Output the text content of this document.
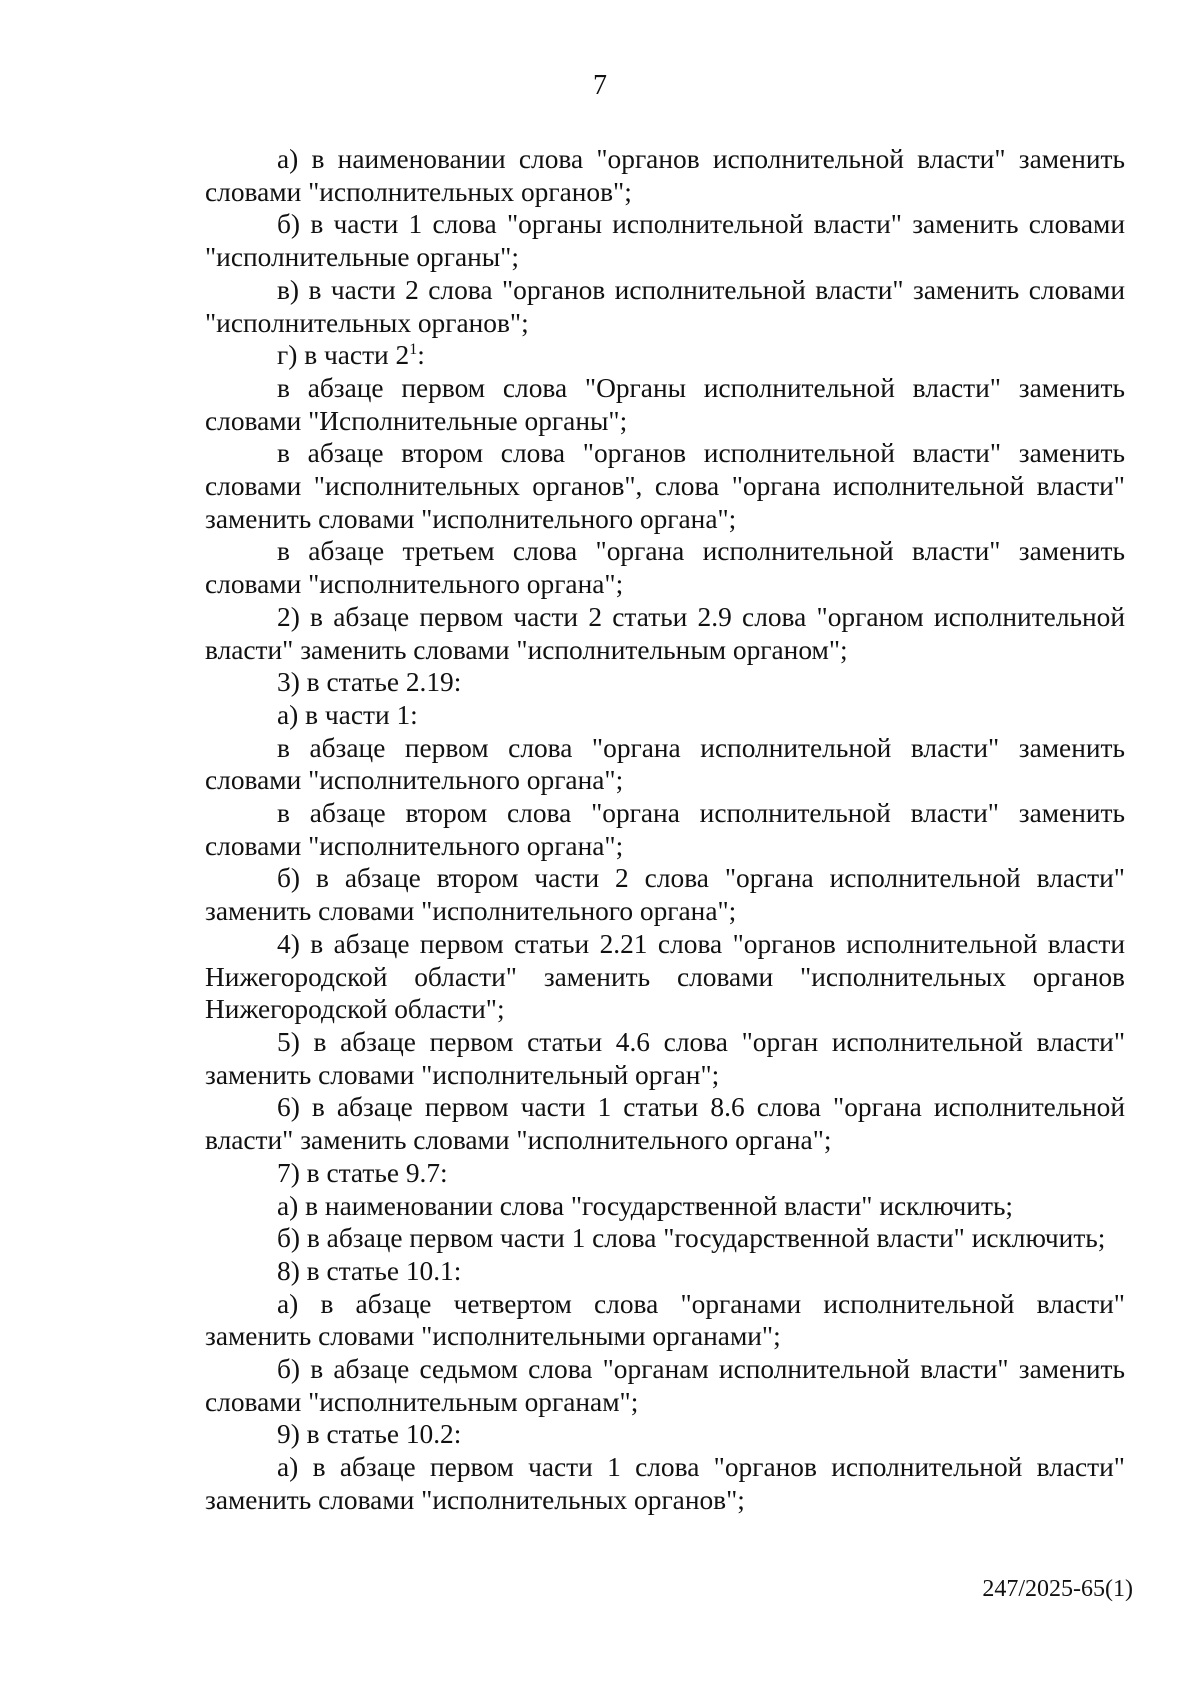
7

а) в наименовании слова "органов исполнительной власти" заменить словами "исполнительных органов";

б) в части 1 слова "органы исполнительной власти" заменить словами "исполнительные органы";

в) в части 2 слова "органов исполнительной власти" заменить словами "исполнительных органов";

г) в части $2^1$:

в абзаце первом слова "Органы исполнительной власти" заменить словами "Исполнительные органы";

в абзаце втором слова "органов исполнительной власти" заменить словами "исполнительных органов", слова "органа исполнительной власти" заменить словами "исполнительного органа";

в абзаце третьем слова "органа исполнительной власти" заменить словами "исполнительного органа";

2) в абзаце первом части 2 статьи 2.9 слова "органом исполнительной власти" заменить словами "исполнительным органом";

3) в статье 2.19:

а) в части 1:

в абзаце первом слова "органа исполнительной власти" заменить словами "исполнительного органа";

в абзаце втором слова "органа исполнительной власти" заменить словами "исполнительного органа";

б) в абзаце втором части 2 слова "органа исполнительной власти" заменить словами "исполнительного органа";

4) в абзаце первом статьи 2.21 слова "органов исполнительной власти Нижегородской области" заменить словами "исполнительных органов Нижегородской области";

5) в абзаце первом статьи 4.6 слова "орган исполнительной власти" заменить словами "исполнительный орган";

6) в абзаце первом части 1 статьи 8.6 слова "органа исполнительной власти" заменить словами "исполнительного органа";

7) в статье 9.7:

а) в наименовании слова "государственной власти" исключить;

б) в абзаце первом части 1 слова "государственной власти" исключить;

8) в статье 10.1:

а) в абзаце четвертом слова "органами исполнительной власти" заменить словами "исполнительными органами";

б) в абзаце седьмом слова "органам исполнительной власти" заменить словами "исполнительным органам";

9) в статье 10.2:

а) в абзаце первом части 1 слова "органов исполнительной власти" заменить словами "исполнительных органов";

247/2025-65(1)
